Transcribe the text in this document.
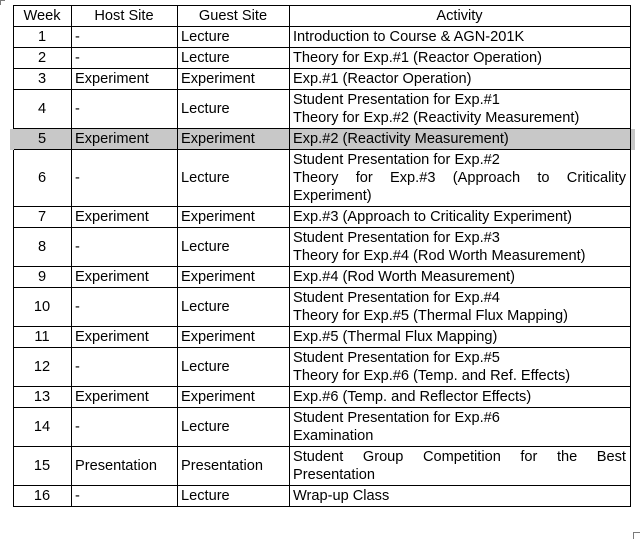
Week	Host Site	Guest Site	Activity
1	-	Lecture	Introduction to Course & AGN-201K

2	-	Lecture	Theory for Exp.#1 (Reactor Operation)

3	Experiment	Experiment	Exp.#1 (Reactor Operation)

4	-	Lecture	Student Presentation for Exp.#1
Theory for Exp.#2 (Reactivity Measurement)

5	Experiment	Experiment	Exp.#2 (Reactivity Measurement)

6	-	Lecture	Student Presentation for Exp.#2
Theory for Exp.#3 (Approach to Criticality Experiment)

7	Experiment	Experiment	Exp.#3 (Approach to Criticality Experiment)

8	-	Lecture	Student Presentation for Exp.#3
Theory for Exp.#4 (Rod Worth Measurement)

9	Experiment	Experiment	Exp.#4 (Rod Worth Measurement)

10	-	Lecture	Student Presentation for Exp.#4
Theory for Exp.#5 (Thermal Flux Mapping)

11	Experiment	Experiment	Exp.#5 (Thermal Flux Mapping)

12	-	Lecture	Student Presentation for Exp.#5
Theory for Exp.#6 (Temp. and Ref. Effects)

13	Experiment	Experiment	Exp.#6 (Temp. and Reflector Effects)

14	-	Lecture	Student Presentation for Exp.#6
Examination

15	Presentation	Presentation	Student Group Competition for the Best Presentation

16	-	Lecture	Wrap-up Class
